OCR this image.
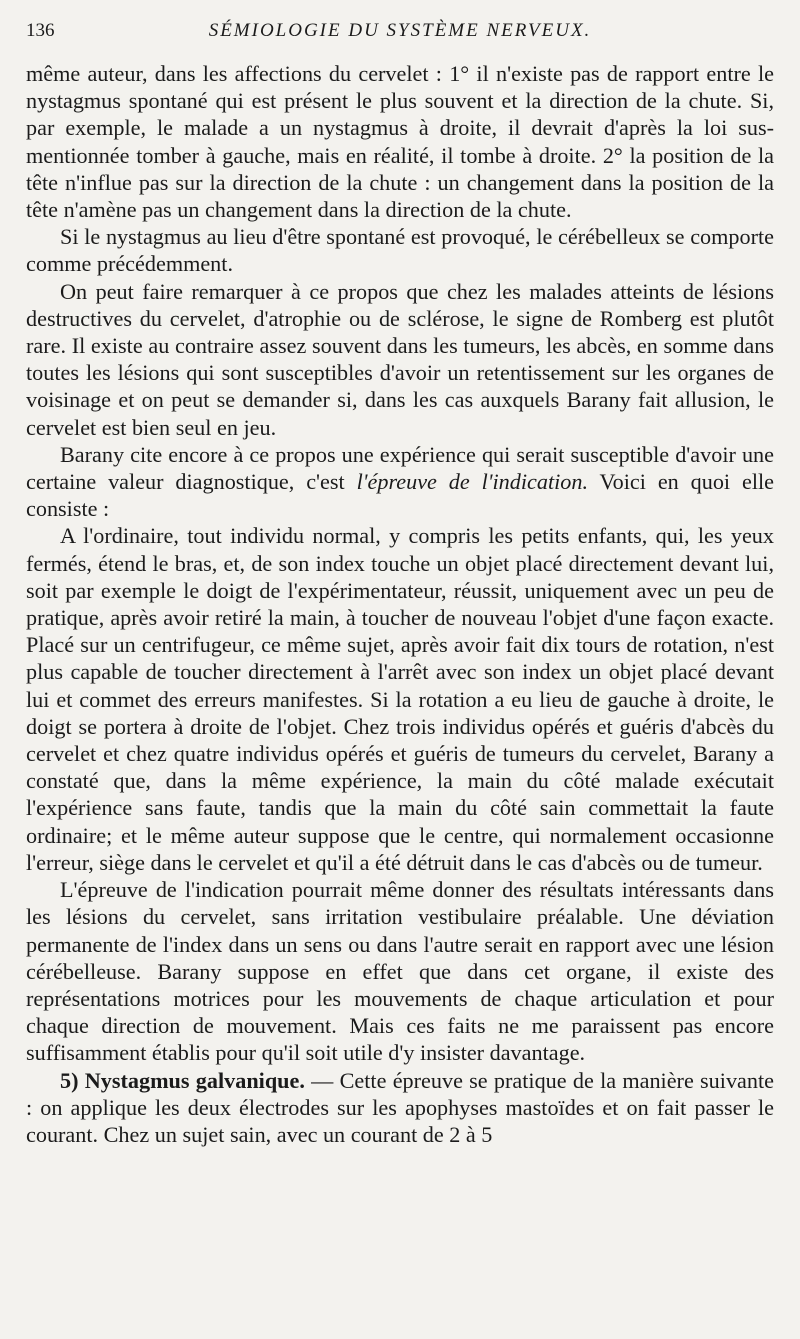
136	SÉMIOLOGIE DU SYSTÈME NERVEUX.

même auteur, dans les affections du cervelet : 1° il n'existe pas de rapport entre le nystagmus spontané qui est présent le plus souvent et la direction de la chute. Si, par exemple, le malade a un nystagmus à droite, il devrait d'après la loi sus-mentionnée tomber à gauche, mais en réalité, il tombe à droite. 2° la position de la tête n'influe pas sur la direction de la chute : un changement dans la position de la tête n'amène pas un changement dans la direction de la chute.

Si le nystagmus au lieu d'être spontané est provoqué, le cérébelleux se comporte comme précédemment.

On peut faire remarquer à ce propos que chez les malades atteints de lésions destructives du cervelet, d'atrophie ou de sclérose, le signe de Romberg est plutôt rare. Il existe au contraire assez souvent dans les tumeurs, les abcès, en somme dans toutes les lésions qui sont susceptibles d'avoir un retentissement sur les organes de voisinage et on peut se demander si, dans les cas auxquels Barany fait allusion, le cervelet est bien seul en jeu.

Barany cite encore à ce propos une expérience qui serait susceptible d'avoir une certaine valeur diagnostique, c'est l'épreuve de l'indication. Voici en quoi elle consiste :

A l'ordinaire, tout individu normal, y compris les petits enfants, qui, les yeux fermés, étend le bras, et, de son index touche un objet placé directement devant lui, soit par exemple le doigt de l'expérimentateur, réussit, uniquement avec un peu de pratique, après avoir retiré la main, à toucher de nouveau l'objet d'une façon exacte. Placé sur un centrifugeur, ce même sujet, après avoir fait dix tours de rotation, n'est plus capable de toucher directement à l'arrêt avec son index un objet placé devant lui et commet des erreurs manifestes. Si la rotation a eu lieu de gauche à droite, le doigt se portera à droite de l'objet. Chez trois individus opérés et guéris d'abcès du cervelet et chez quatre individus opérés et guéris de tumeurs du cervelet, Barany a constaté que, dans la même expérience, la main du côté malade exécutait l'expérience sans faute, tandis que la main du côté sain commettait la faute ordinaire; et le même auteur suppose que le centre, qui normalement occasionne l'erreur, siège dans le cervelet et qu'il a été détruit dans le cas d'abcès ou de tumeur.

L'épreuve de l'indication pourrait même donner des résultats intéressants dans les lésions du cervelet, sans irritation vestibulaire préalable. Une déviation permanente de l'index dans un sens ou dans l'autre serait en rapport avec une lésion cérébelleuse. Barany suppose en effet que dans cet organe, il existe des représentations motrices pour les mouvements de chaque articulation et pour chaque direction de mouvement. Mais ces faits ne me paraissent pas encore suffisamment établis pour qu'il soit utile d'y insister davantage.

5) Nystagmus galvanique. — Cette épreuve se pratique de la manière suivante : on applique les deux électrodes sur les apophyses mastoïdes et on fait passer le courant. Chez un sujet sain, avec un courant de 2 à 5
